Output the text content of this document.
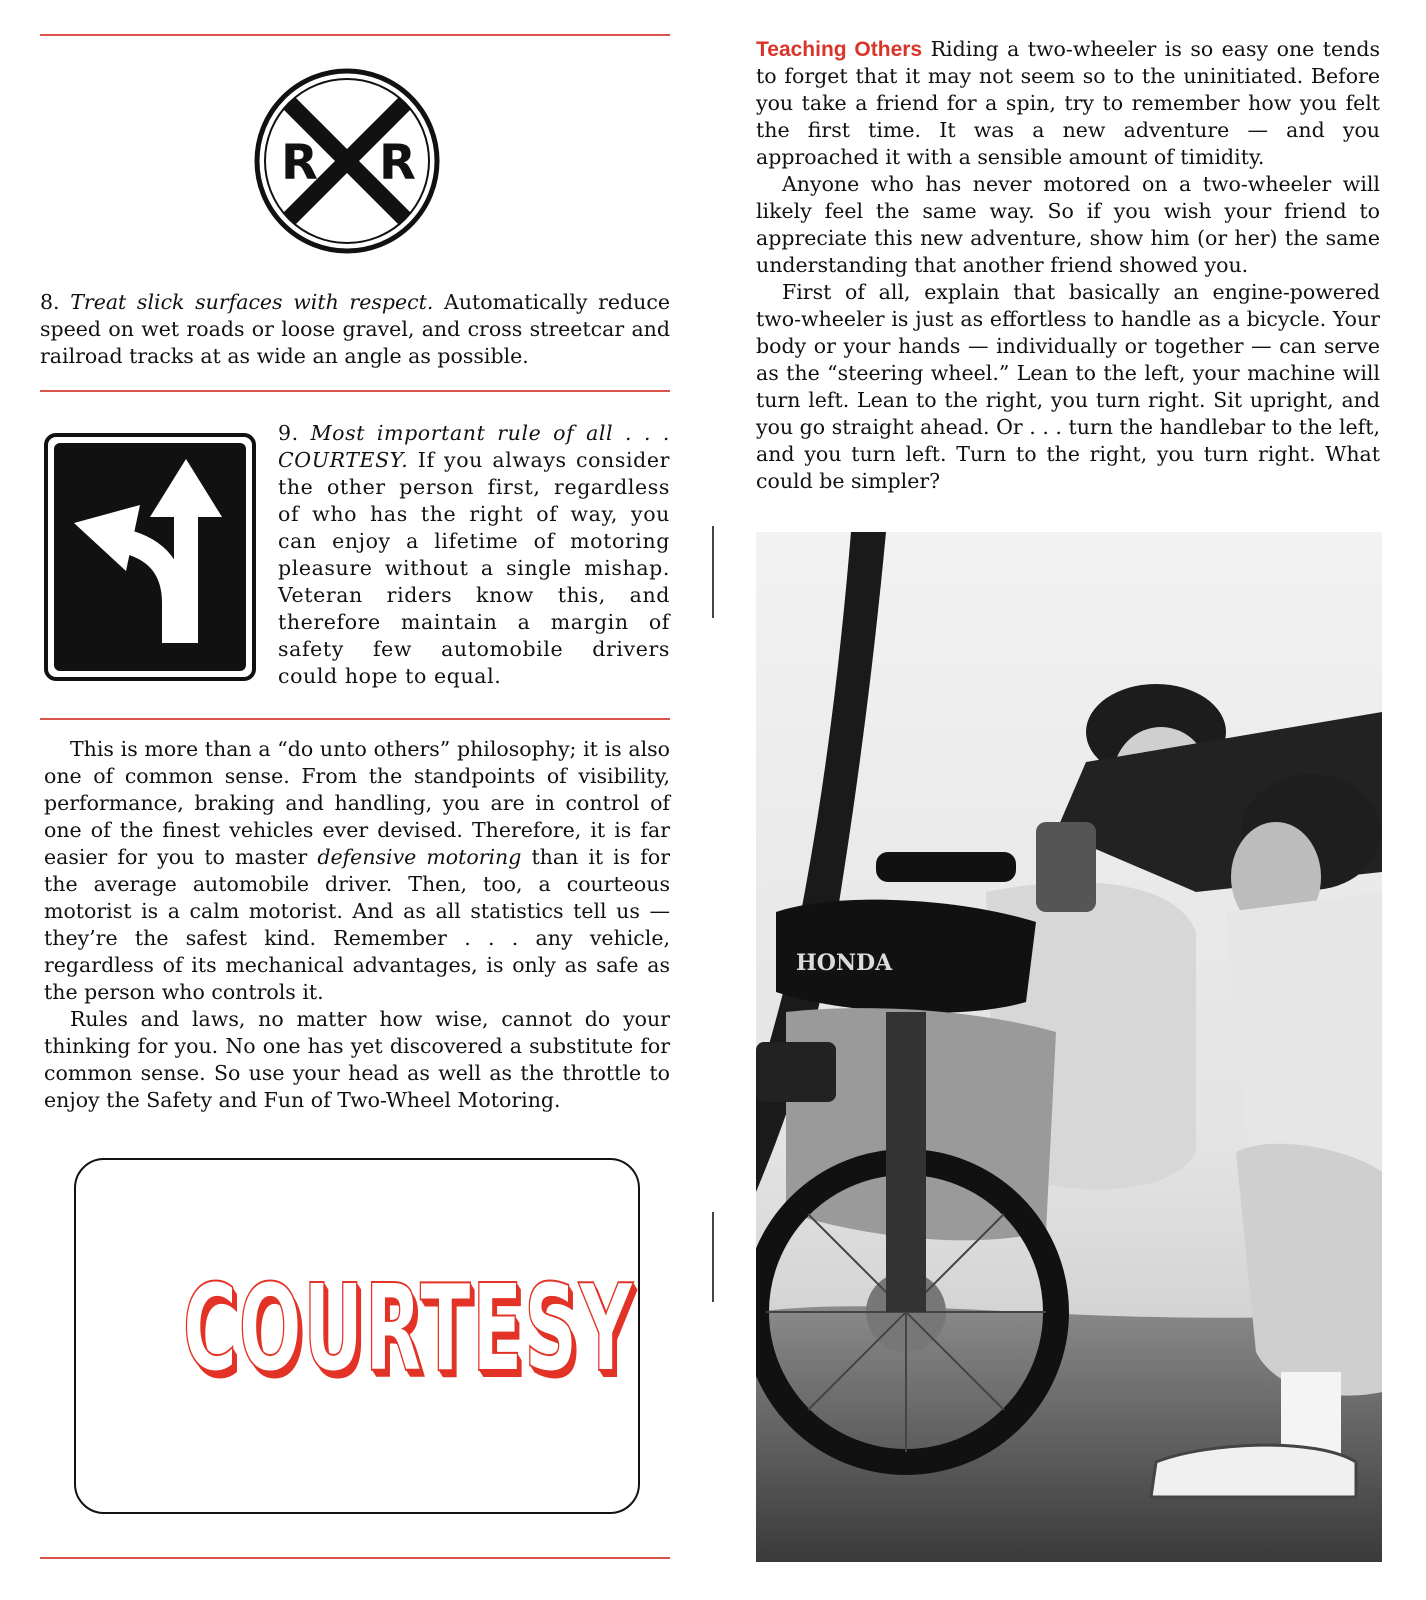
R R

8. Treat slick surfaces with respect. Automatically reduce speed on wet roads or loose gravel, and cross streetcar and railroad tracks at as wide an angle as possible.

9. Most important rule of all . . . COURTESY. If you always consider the other person first, regardless of who has the right of way, you can enjoy a lifetime of motoring pleasure without a single mishap. Veteran riders know this, and therefore maintain a margin of safety few automobile drivers could hope to equal.

This is more than a “do unto others” philosophy; it is also one of common sense. From the standpoints of visibility, performance, braking and handling, you are in control of one of the finest vehicles ever devised. Therefore, it is far easier for you to master defensive motoring than it is for the average automobile driver. Then, too, a courteous motorist is a calm motorist. And as all statistics tell us — they’re the safest kind. Remember . . . any vehicle, regardless of its mechanical advantages, is only as safe as the person who controls it.

Rules and laws, no matter how wise, cannot do your thinking for you. No one has yet discovered a substitute for common sense. So use your head as well as the throttle to enjoy the Safety and Fun of Two-Wheel Motoring.

COURTESY

Teaching Others Riding a two-wheeler is so easy one tends to forget that it may not seem so to the uninitiated. Before you take a friend for a spin, try to remember how you felt the first time. It was a new adventure — and you approached it with a sensible amount of timidity.

Anyone who has never motored on a two-wheeler will likely feel the same way. So if you wish your friend to appreciate this new adventure, show him (or her) the same understanding that another friend showed you.

First of all, explain that basically an engine-powered two-wheeler is just as effortless to handle as a bicycle. Your body or your hands — individually or together — can serve as the “steering wheel.” Lean to the left, your machine will turn left. Lean to the right, you turn right. Sit upright, and you go straight ahead. Or . . . turn the handlebar to the left, and you turn left. Turn to the right, you turn right. What could be simpler?

HONDA
